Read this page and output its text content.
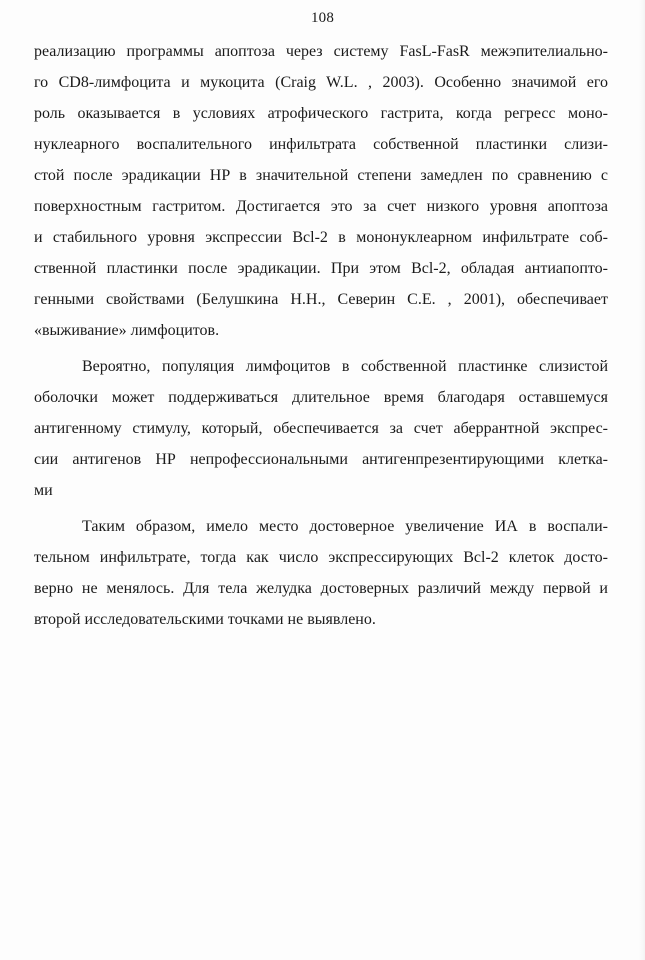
108
реализацию программы апоптоза через систему FasL-FasR межэпителиально-
го CD8-лимфоцита и мукоцита (Craig W.L. , 2003). Особенно значимой его
роль оказывается в условиях атрофического гастрита, когда регресс моно-
нуклеарного воспалительного инфильтрата собственной пластинки слизи-
стой после эрадикации НР в значительной степени замедлен по сравнению с
поверхностным гастритом. Достигается это за счет низкого уровня апоптоза
и стабильного уровня экспрессии Bcl-2 в мононуклеарном инфильтрате соб-
ственной пластинки после эрадикации. При этом Bcl-2, обладая антиапопто-
генными свойствами (Белушкина Н.Н., Северин С.Е. , 2001), обеспечивает
«выживание» лимфоцитов.
Вероятно, популяция лимфоцитов в собственной пластинке слизистой
оболочки может поддерживаться длительное время благодаря оставшемуся
антигенному стимулу, который, обеспечивается за счет аберрантной экспрес-
сии антигенов НР непрофессиональными антигенпрезентирующими клетка-
ми
Таким образом, имело место достоверное увеличение ИА в воспали-
тельном инфильтрате, тогда как число экспрессирующих Bcl-2 клеток досто-
верно не менялось. Для тела желудка достоверных различий между первой и
второй исследовательскими точками не выявлено.
